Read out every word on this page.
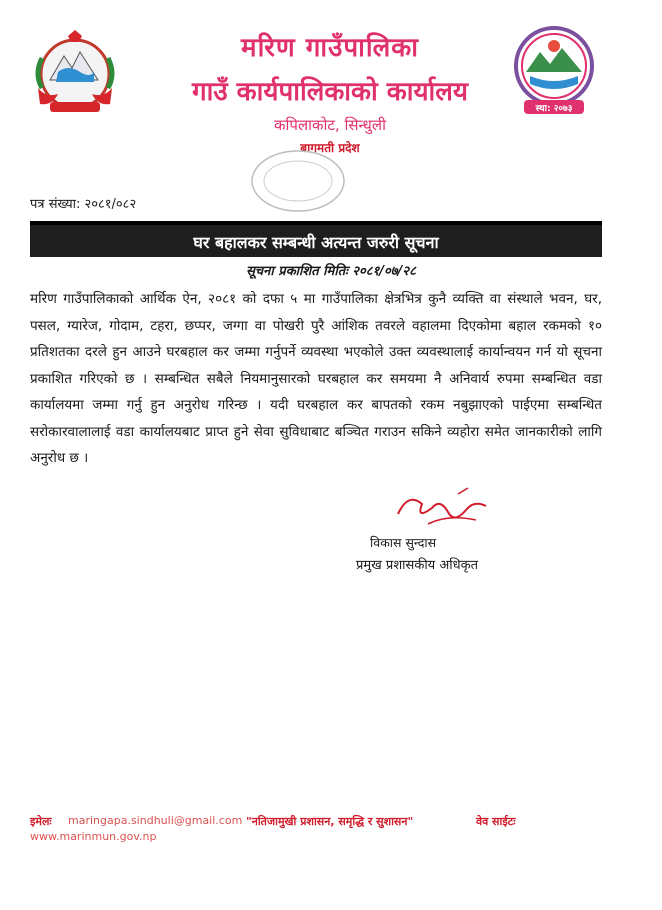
स्था: २०७३
मरिण गाउँपालिका
गाउँ कार्यपालिकाको कार्यालय
कपिलाकोट, सिन्धुली
बागमती प्रदेश
पत्र संख्या: २०८१/०८२
घर बहालकर सम्बन्धी अत्यन्त जरुरी सूचना
सूचना प्रकाशित मितिः २०८१/०७/२८
मरिण गाउँपालिकाको आर्थिक ऐन, २०८१ को दफा ५ मा गाउँपालिका क्षेत्रभित्र कुनै व्यक्ति वा संस्थाले भवन, घर, पसल, ग्यारेज, गोदाम, टहरा, छप्पर, जग्गा वा पोखरी पुरै आंशिक तवरले वहालमा दिएकोमा बहाल रकमको १० प्रतिशतका दरले हुन आउने घरबहाल कर जम्मा गर्नुपर्ने व्यवस्था भएकोले उक्त व्यवस्थालाई कार्यान्वयन गर्न यो सूचना प्रकाशित गरिएको छ । सम्बन्धित सबैले नियमानुसारको घरबहाल कर समयमा नै अनिवार्य रुपमा सम्बन्धित वडा कार्यालयमा जम्मा गर्नु हुन अनुरोध गरिन्छ । यदी घरबहाल कर बापतको रकम नबुझाएको पाईएमा सम्बन्धित सरोकारवालालाई वडा कार्यालयबाट प्राप्त हुने सेवा सुविधाबाट बञ्चित गराउन सकिने व्यहोरा समेत जानकारीको लागि अनुरोध छ ।
विकास सुन्दास
प्रमुख प्रशासकीय अधिकृत
इमेलः maringapa.sindhuli@gmail.com "नतिजामुखी प्रशासन, समृद्धि र सुशासन"	वेव साईटः
www.marinmun.gov.np
